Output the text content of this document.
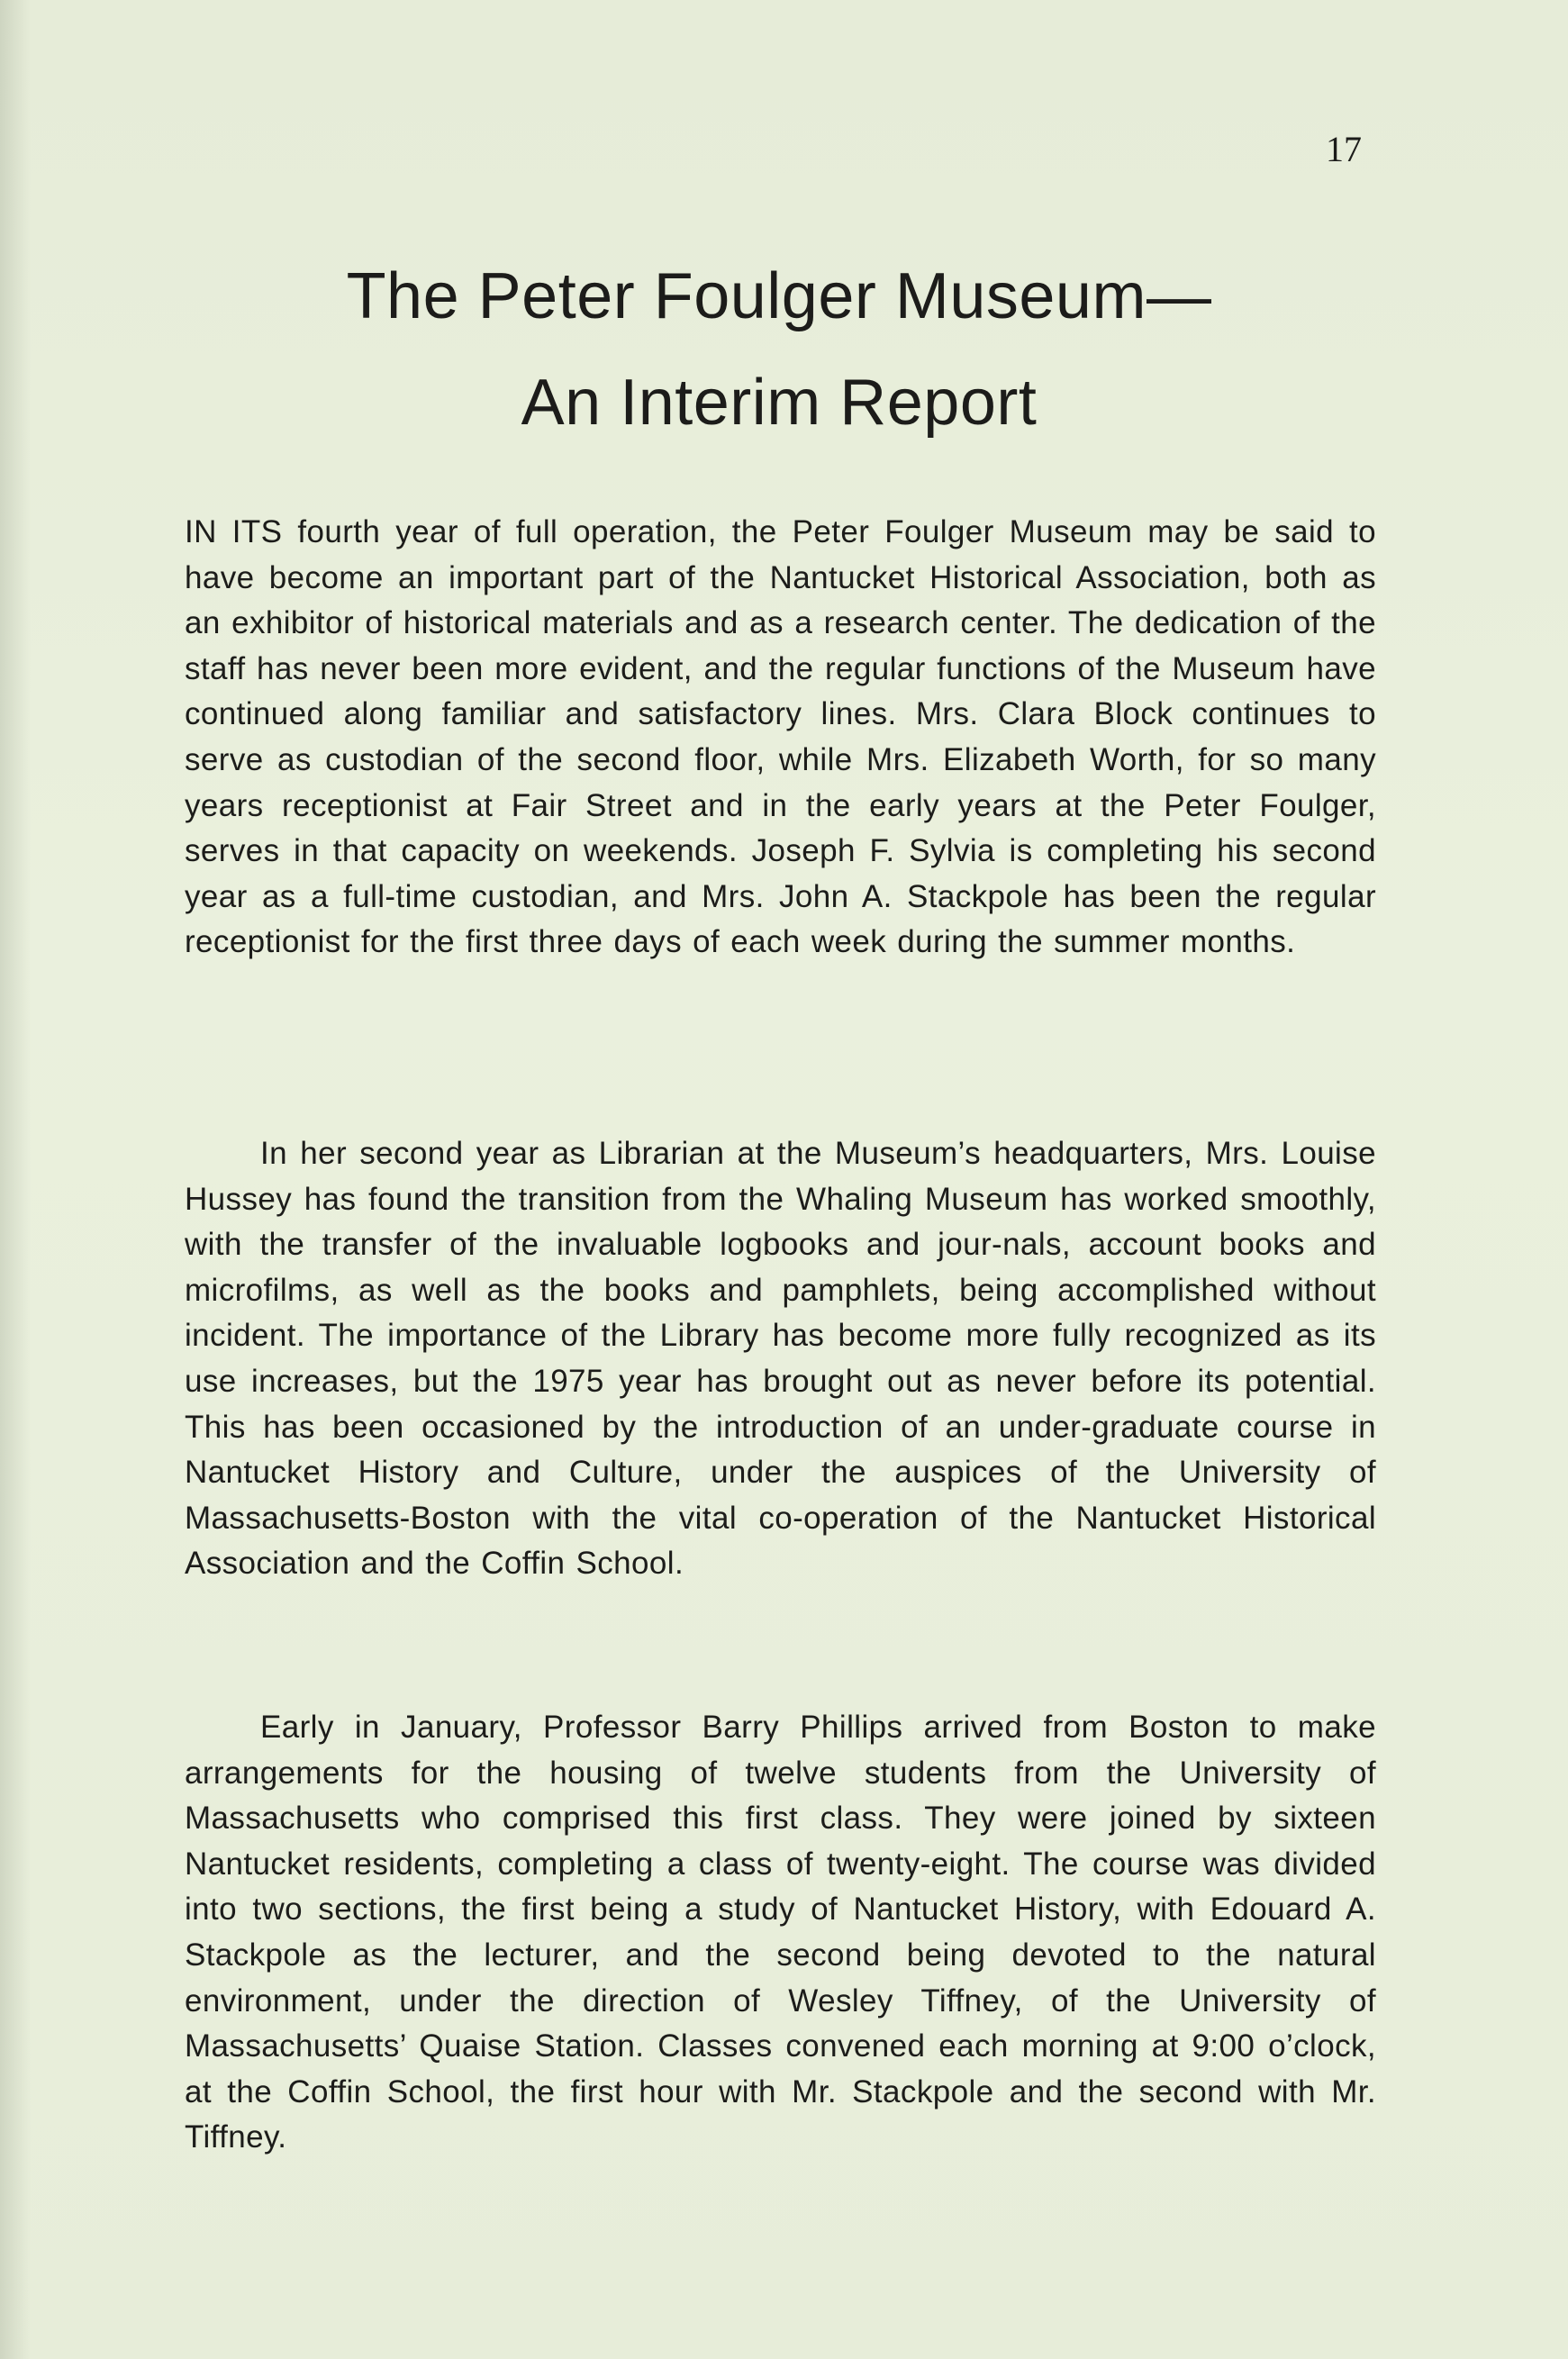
17
The Peter Foulger Museum—
An Interim Report

IN ITS fourth year of full operation, the Peter Foulger Museum may be said to have become an important part of the Nantucket Historical Association, both as an exhibitor of historical materials and as a research center. The dedication of the staff has never been more evident, and the regular functions of the Museum have continued along familiar and satisfactory lines. Mrs. Clara Block continues to serve as custodian of the second floor, while Mrs. Elizabeth Worth, for so many years receptionist at Fair Street and in the early years at the Peter Foulger, serves in that capacity on weekends. Joseph F. Sylvia is completing his second year as a full-time custodian, and Mrs. John A. Stackpole has been the regular receptionist for the first three days of each week during the summer months.

In her second year as Librarian at the Museum’s headquarters, Mrs. Louise Hussey has found the transition from the Whaling Museum has worked smoothly, with the transfer of the invaluable logbooks and jour-nals, account books and microfilms, as well as the books and pamphlets, being accomplished without incident. The importance of the Library has become more fully recognized as its use increases, but the 1975 year has brought out as never before its potential. This has been occasioned by the introduction of an under-graduate course in Nantucket History and Culture, under the auspices of the University of Massachusetts-Boston with the vital co-operation of the Nantucket Historical Association and the Coffin School.

Early in January, Professor Barry Phillips arrived from Boston to make arrangements for the housing of twelve students from the University of Massachusetts who comprised this first class. They were joined by sixteen Nantucket residents, completing a class of twenty-eight. The course was divided into two sections, the first being a study of Nantucket History, with Edouard A. Stackpole as the lecturer, and the second being devoted to the natural environment, under the direction of Wesley Tiffney, of the University of Massachusetts’ Quaise Station. Classes convened each morning at 9:00 o’clock, at the Coffin School, the first hour with Mr. Stackpole and the second with Mr. Tiffney.
